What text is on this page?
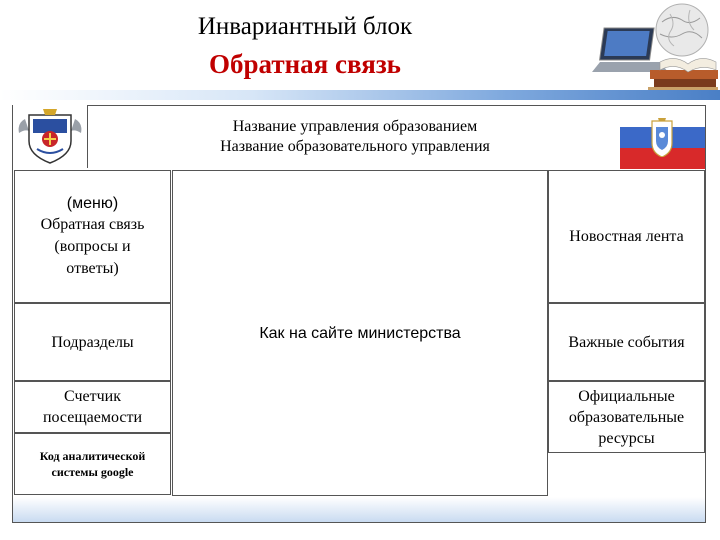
Инвариантный блок
Обратная связь
Название управления образованием
Название образовательного управления
(меню)
Обратная связь (вопросы и ответы)
Подразделы
Счетчик посещаемости
Код аналитической системы google
Как на сайте министерства
Новостная лента
Важные события
Официальные образовательные ресурсы
